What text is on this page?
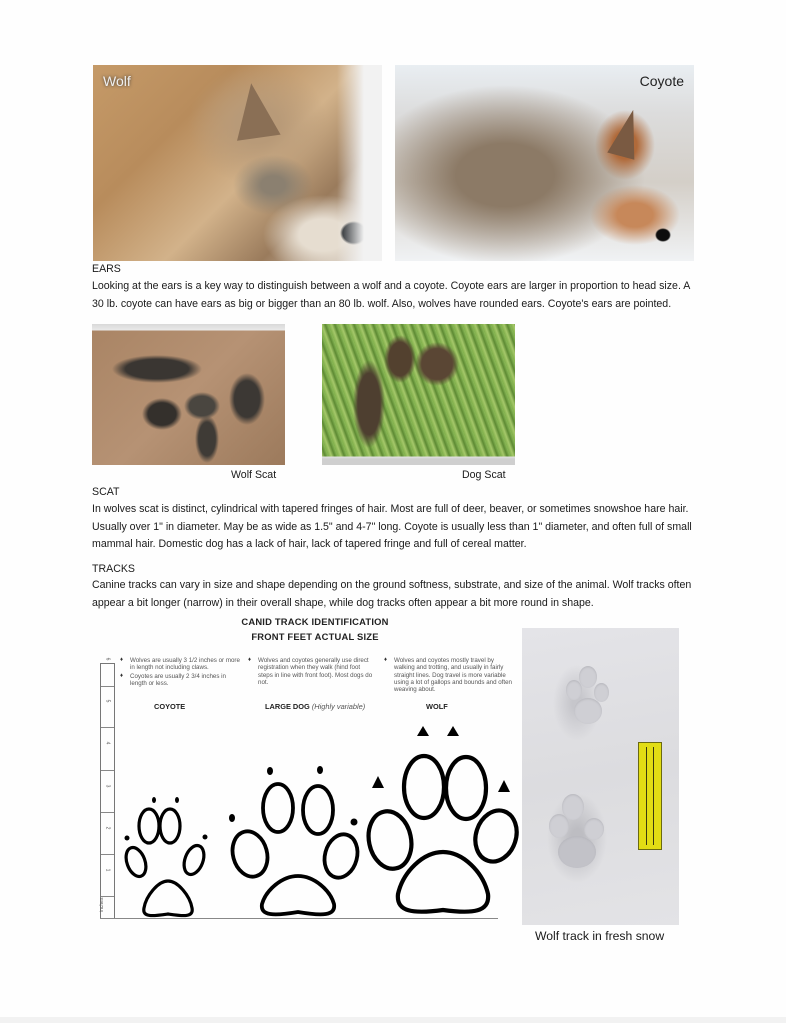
Wolf	Coyote
EARS
Looking at the ears is a key way to distinguish between a wolf and a coyote. Coyote ears are larger in proportion to head size. A 30 lb. coyote can have ears as big or bigger than an 80 lb. wolf. Also, wolves have rounded ears. Coyote's ears are pointed.
Wolf Scat	Dog Scat
SCAT
In wolves scat is distinct, cylindrical with tapered fringes of hair. Most are full of deer, beaver, or sometimes snowshoe hare hair. Usually over 1" in diameter. May be as wide as 1.5" and 4-7" long. Coyote is usually less than 1" diameter, and often full of small mammal hair. Domestic dog has a lack of hair, lack of tapered fringe and full of cereal matter.
TRACKS
Canine tracks can vary in size and shape depending on the ground softness, substrate, and size of the animal. Wolf tracks often appear a bit longer (narrow) in their overall shape, while dog tracks often appear a bit more round in shape.
CANID TRACK IDENTIFICATION
FRONT FEET ACTUAL SIZE
♦ Wolves are usually 3 1/2 inches or more in length not including claws.
♦ Coyotes are usually 2 3/4 inches in length or less.
♦ Wolves and coyotes generally use direct registration when they walk (hind foot steps in line with front foot). Most dogs do not.
♦ Wolves and coyotes mostly travel by walking and trotting, and usually in fairly straight lines. Dog travel is more variable using a lot of gallops and bounds and often weaving about.
COYOTE	LARGE DOG (Highly variable)	WOLF
6
5
4
3
2
1
inches
Wolf track in fresh snow
